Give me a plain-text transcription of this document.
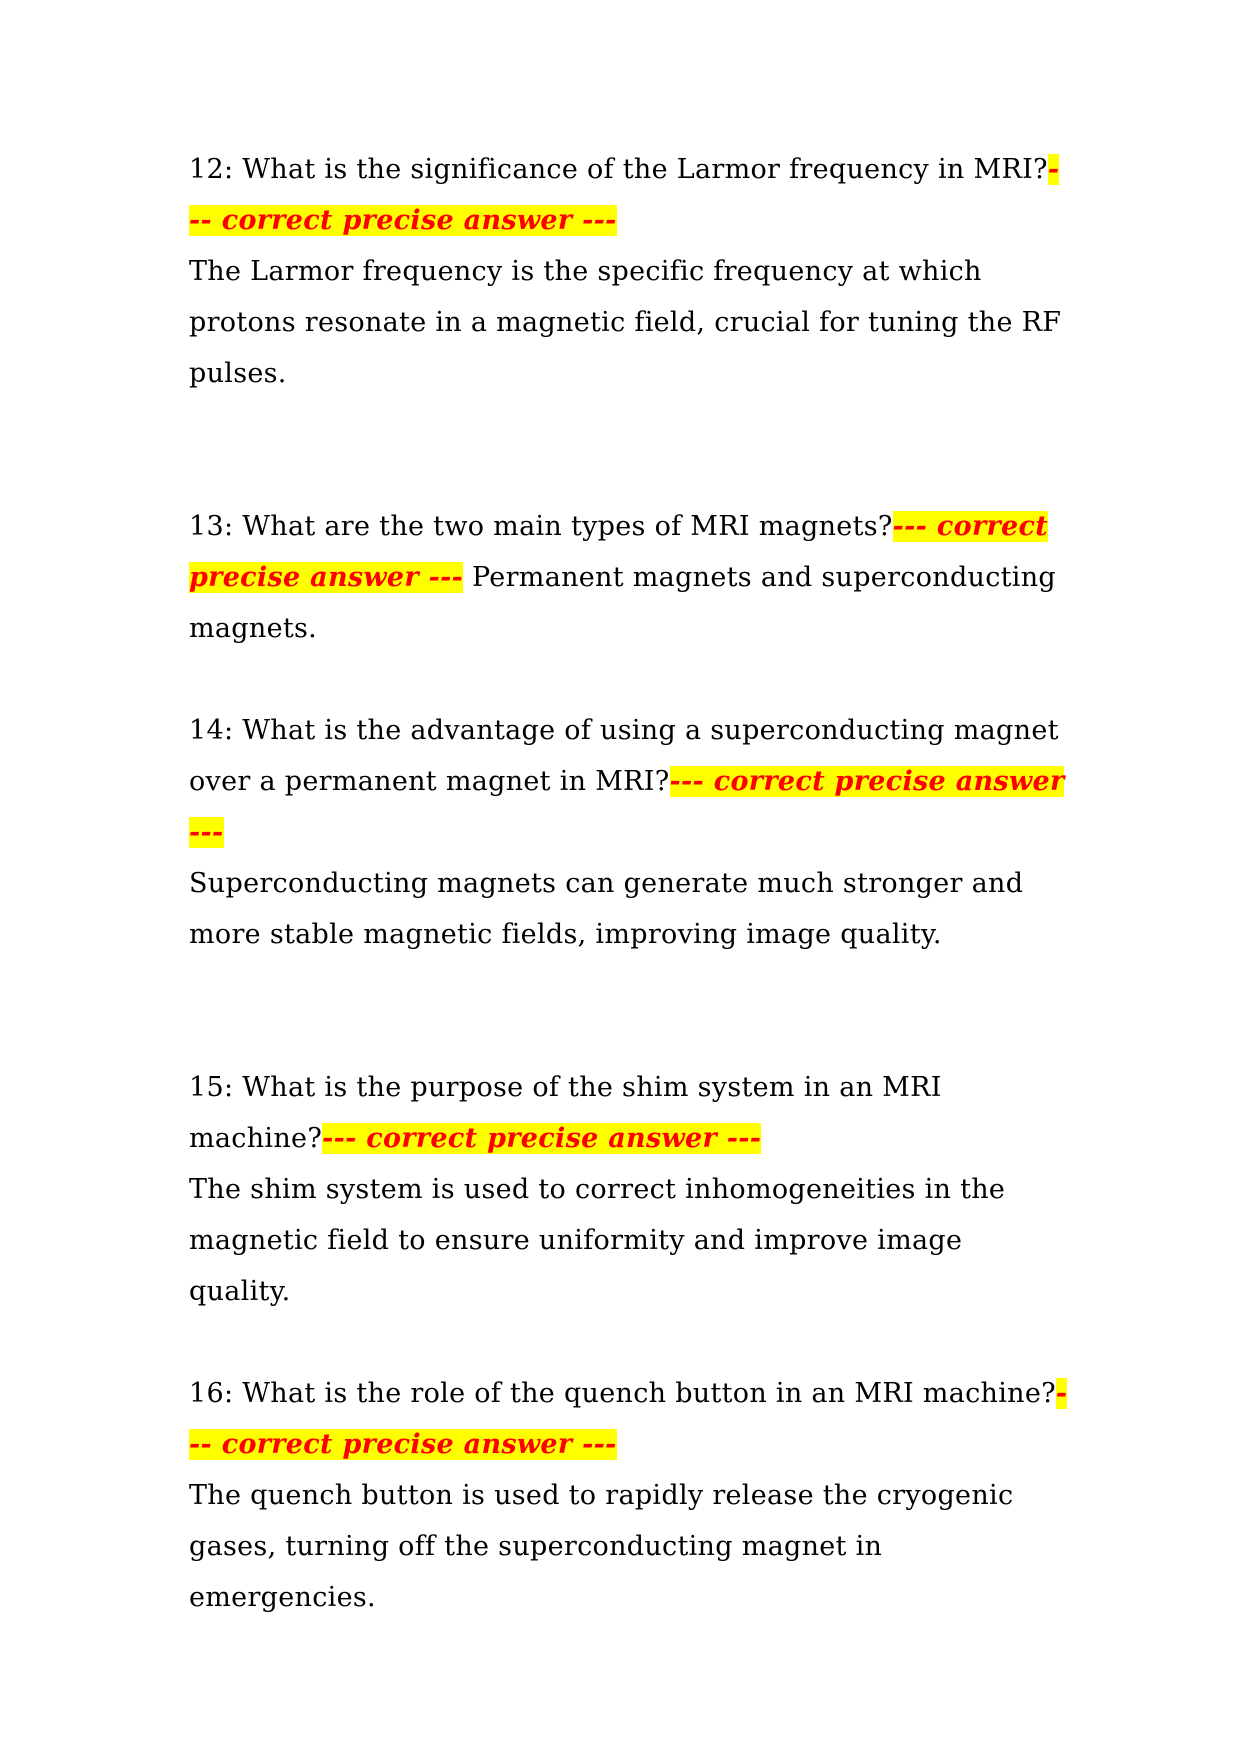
12: What is the significance of the Larmor frequency in MRI?--- correct precise answer ---
The Larmor frequency is the specific frequency at which protons resonate in a magnetic field, crucial for tuning the RF pulses.
13: What are the two main types of MRI magnets?--- correct precise answer --- Permanent magnets and superconducting magnets.
14: What is the advantage of using a superconducting magnet over a permanent magnet in MRI?--- correct precise answer ---
Superconducting magnets can generate much stronger and more stable magnetic fields, improving image quality.
15: What is the purpose of the shim system in an MRI machine?--- correct precise answer ---
The shim system is used to correct inhomogeneities in the magnetic field to ensure uniformity and improve image quality.
16: What is the role of the quench button in an MRI machine?--- correct precise answer ---
The quench button is used to rapidly release the cryogenic gases, turning off the superconducting magnet in emergencies.
